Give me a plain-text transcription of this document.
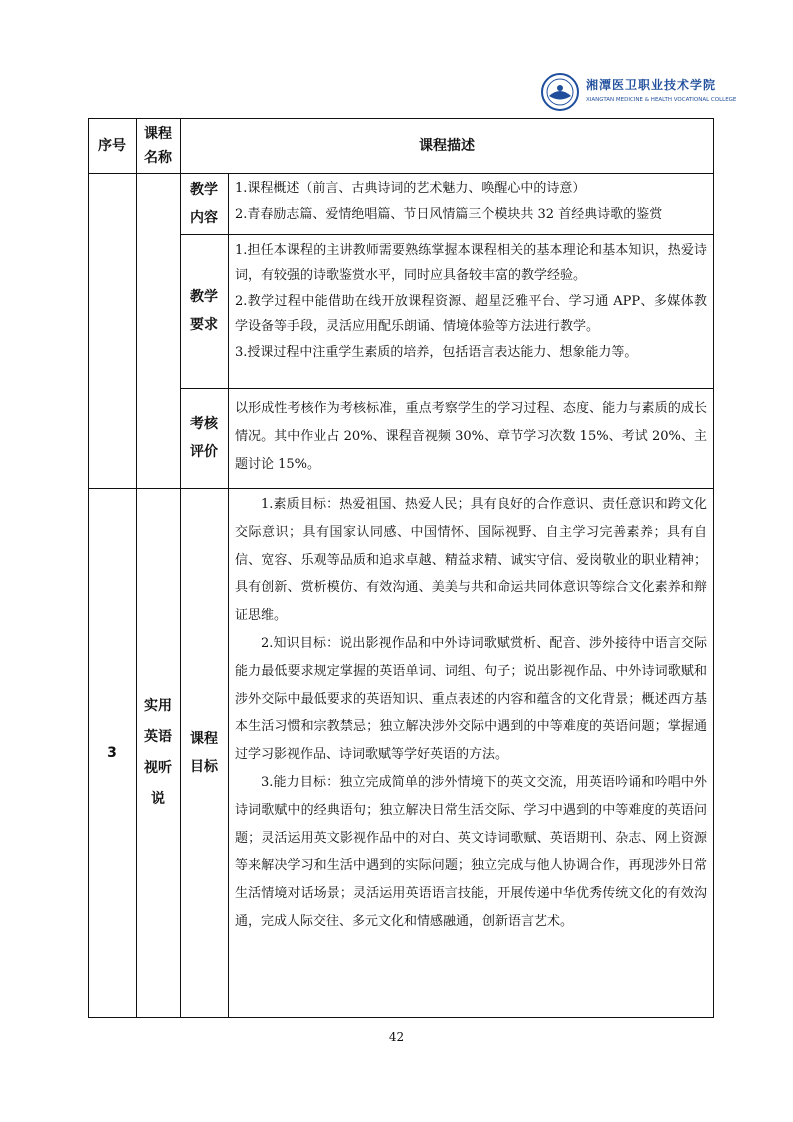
湘潭医卫职业技术学院
XIANGTAN MEDICINE & HEALTH VOCATIONAL COLLEGE
序号
课程
名称
课程描述
教学
内容

1.课程概述（前言、古典诗词的艺术魅力、唤醒心中的诗意）

2.青春励志篇、爱情绝唱篇、节日风情篇三个模块共 32 首经典诗歌的鉴赏

教学
要求

1.担任本课程的主讲教师需要熟练掌握本课程相关的基本理论和基本知识，热爱诗词，有较强的诗歌鉴赏水平，同时应具备较丰富的教学经验。

2.教学过程中能借助在线开放课程资源、超星泛雅平台、学习通 APP、多媒体教学设备等手段，灵活应用配乐朗诵、情境体验等方法进行教学。

3.授课过程中注重学生素质的培养，包括语言表达能力、想象能力等。

考核
评价

以形成性考核作为考核标准，重点考察学生的学习过程、态度、能力与素质的成长情况。其中作业占 20%、课程音视频 30%、章节学习次数 15%、考试 20%、主题讨论 15%。

3
实用
英语
视听
说
课程
目标

1.素质目标：热爱祖国、热爱人民；具有良好的合作意识、责任意识和跨文化交际意识；具有国家认同感、中国情怀、国际视野、自主学习完善素养；具有自信、宽容、乐观等品质和追求卓越、精益求精、诚实守信、爱岗敬业的职业精神；具有创新、赏析模仿、有效沟通、美美与共和命运共同体意识等综合文化素养和辩证思维。

2.知识目标：说出影视作品和中外诗词歌赋赏析、配音、涉外接待中语言交际能力最低要求规定掌握的英语单词、词组、句子；说出影视作品、中外诗词歌赋和涉外交际中最低要求的英语知识、重点表述的内容和蕴含的文化背景；概述西方基本生活习惯和宗教禁忌；独立解决涉外交际中遇到的中等难度的英语问题；掌握通过学习影视作品、诗词歌赋等学好英语的方法。

3.能力目标：独立完成简单的涉外情境下的英文交流，用英语吟诵和吟唱中外诗词歌赋中的经典语句；独立解决日常生活交际、学习中遇到的中等难度的英语问题；灵活运用英文影视作品中的对白、英文诗词歌赋、英语期刊、杂志、网上资源等来解决学习和生活中遇到的实际问题；独立完成与他人协调合作，再现涉外日常生活情境对话场景；灵活运用英语语言技能，开展传递中华优秀传统文化的有效沟通，完成人际交往、多元文化和情感融通，创新语言艺术。

42
